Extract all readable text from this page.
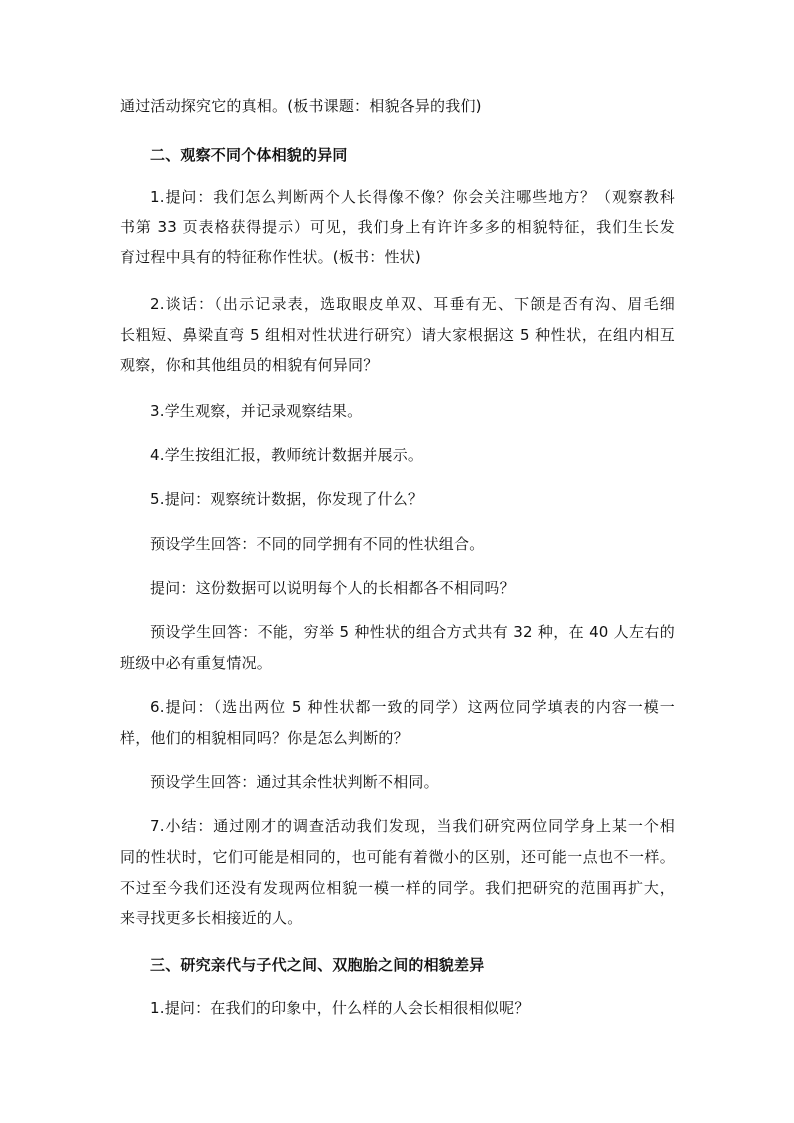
通过活动探究它的真相。(板书课题：相貌各异的我们)
二、观察不同个体相貌的异同
1.提问：我们怎么判断两个人长得像不像？你会关注哪些地方？（观察教科
书第 33 页表格获得提示）可见，我们身上有许许多多的相貌特征，我们生长发
育过程中具有的特征称作性状。(板书：性状)
2.谈话：（出示记录表，选取眼皮单双、耳垂有无、下颌是否有沟、眉毛细
长粗短、鼻梁直弯 5 组相对性状进行研究）请大家根据这 5 种性状，在组内相互
观察，你和其他组员的相貌有何异同？
3.学生观察，并记录观察结果。
4.学生按组汇报，教师统计数据并展示。
5.提问：观察统计数据，你发现了什么？
预设学生回答：不同的同学拥有不同的性状组合。
提问：这份数据可以说明每个人的长相都各不相同吗？
预设学生回答：不能，穷举 5 种性状的组合方式共有 32 种，在 40 人左右的
班级中必有重复情况。
6.提问：（选出两位 5 种性状都一致的同学）这两位同学填表的内容一模一
样，他们的相貌相同吗？你是怎么判断的？
预设学生回答：通过其余性状判断不相同。
7.小结：通过刚才的调查活动我们发现，当我们研究两位同学身上某一个相
同的性状时，它们可能是相同的，也可能有着微小的区别，还可能一点也不一样。
不过至今我们还没有发现两位相貌一模一样的同学。我们把研究的范围再扩大，
来寻找更多长相接近的人。
三、研究亲代与子代之间、双胞胎之间的相貌差异
1.提问：在我们的印象中，什么样的人会长相很相似呢？
